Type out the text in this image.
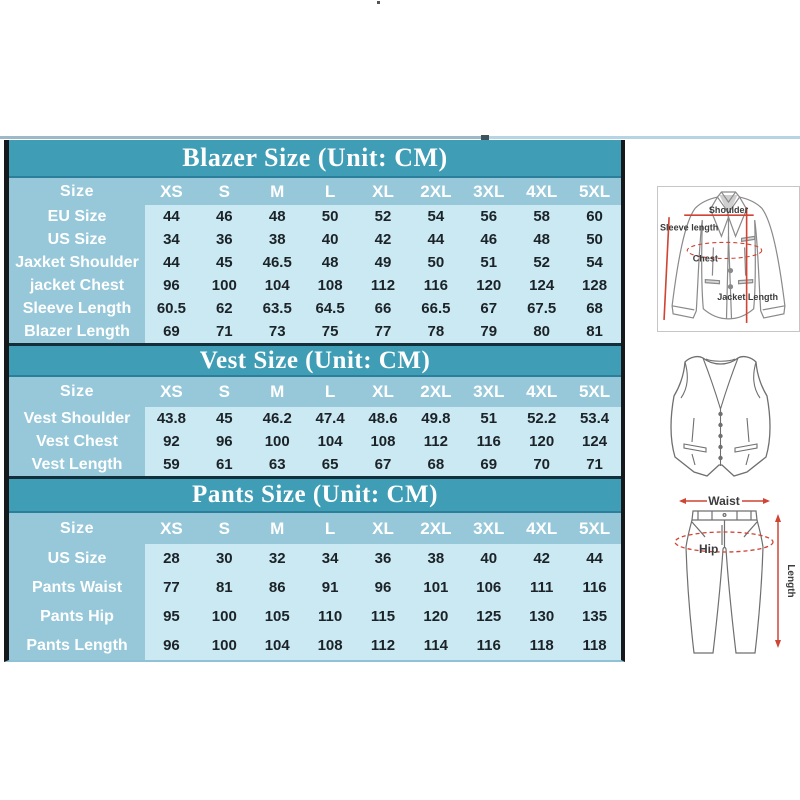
Blazer Size (Unit: CM)
Size	XS	S	M	L	XL	2XL	3XL	4XL	5XL
EU Size	44	46	48	50	52	54	56	58	60
US Size	34	36	38	40	42	44	46	48	50
Jaxket Shoulder	44	45	46.5	48	49	50	51	52	54
jacket Chest	96	100	104	108	112	116	120	124	128
Sleeve Length	60.5	62	63.5	64.5	66	66.5	67	67.5	68
Blazer Length	69	71	73	75	77	78	79	80	81
Vest Size (Unit: CM)
Size	XS	S	M	L	XL	2XL	3XL	4XL	5XL
Vest Shoulder	43.8	45	46.2	47.4	48.6	49.8	51	52.2	53.4
Vest Chest	92	96	100	104	108	112	116	120	124
Vest Length	59	61	63	65	67	68	69	70	71
Pants Size (Unit: CM)
Size	XS	S	M	L	XL	2XL	3XL	4XL	5XL
US Size	28	30	32	34	36	38	40	42	44
Pants Waist	77	81	86	91	96	101	106	111	116
Pants Hip	95	100	105	110	115	120	125	130	135
Pants Length	96	100	104	108	112	114	116	118	118
Shoulder
Sleeve length
Chest
Jacket Length
Waist
Hip
Length
